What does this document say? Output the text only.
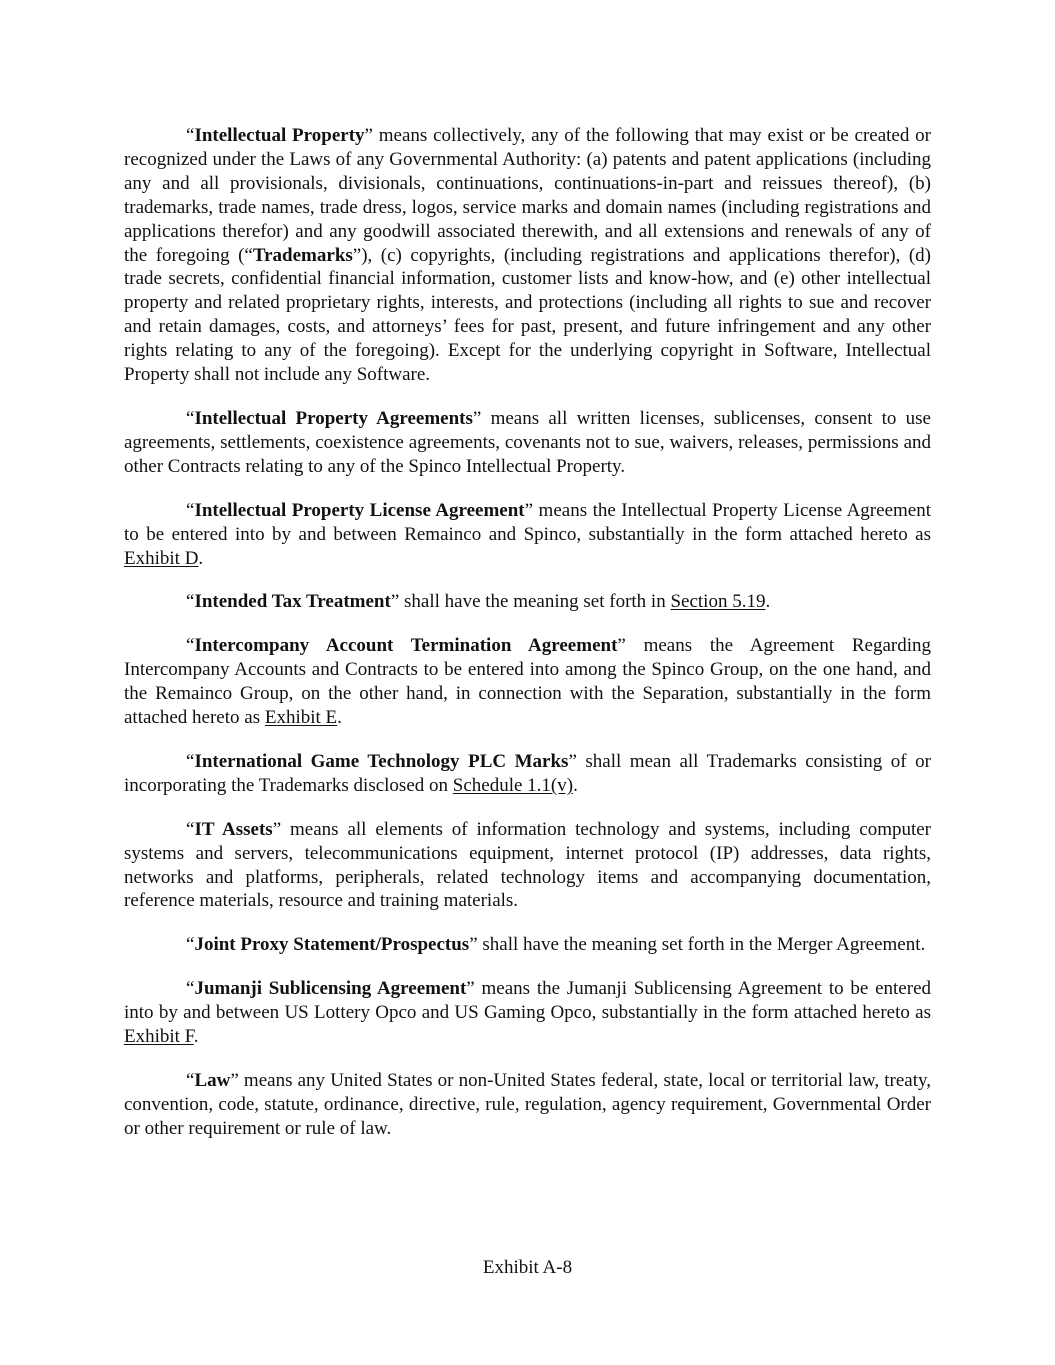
“Intellectual Property” means collectively, any of the following that may exist or be created or recognized under the Laws of any Governmental Authority: (a) patents and patent applications (including any and all provisionals, divisionals, continuations, continuations-in-part and reissues thereof), (b) trademarks, trade names, trade dress, logos, service marks and domain names (including registrations and applications therefor) and any goodwill associated therewith, and all extensions and renewals of any of the foregoing (“Trademarks”), (c) copyrights, (including registrations and applications therefor), (d) trade secrets, confidential financial information, customer lists and know-how, and (e) other intellectual property and related proprietary rights, interests, and protections (including all rights to sue and recover and retain damages, costs, and attorneys’ fees for past, present, and future infringement and any other rights relating to any of the foregoing). Except for the underlying copyright in Software, Intellectual Property shall not include any Software.

“Intellectual Property Agreements” means all written licenses, sublicenses, consent to use agreements, settlements, coexistence agreements, covenants not to sue, waivers, releases, permissions and other Contracts relating to any of the Spinco Intellectual Property.

“Intellectual Property License Agreement” means the Intellectual Property License Agreement to be entered into by and between Remainco and Spinco, substantially in the form attached hereto as Exhibit D.

“Intended Tax Treatment” shall have the meaning set forth in Section 5.19.

“Intercompany Account Termination Agreement” means the Agreement Regarding Intercompany Accounts and Contracts to be entered into among the Spinco Group, on the one hand, and the Remainco Group, on the other hand, in connection with the Separation, substantially in the form attached hereto as Exhibit E.

“International Game Technology PLC Marks” shall mean all Trademarks consisting of or incorporating the Trademarks disclosed on Schedule 1.1(v).

“IT Assets” means all elements of information technology and systems, including computer systems and servers, telecommunications equipment, internet protocol (IP) addresses, data rights, networks and platforms, peripherals, related technology items and accompanying documentation, reference materials, resource and training materials.

“Joint Proxy Statement/Prospectus” shall have the meaning set forth in the Merger Agreement.

“Jumanji Sublicensing Agreement” means the Jumanji Sublicensing Agreement to be entered into by and between US Lottery Opco and US Gaming Opco, substantially in the form attached hereto as Exhibit F.

“Law” means any United States or non-United States federal, state, local or territorial law, treaty, convention, code, statute, ordinance, directive, rule, regulation, agency requirement, Governmental Order or other requirement or rule of law.

Exhibit A-8
